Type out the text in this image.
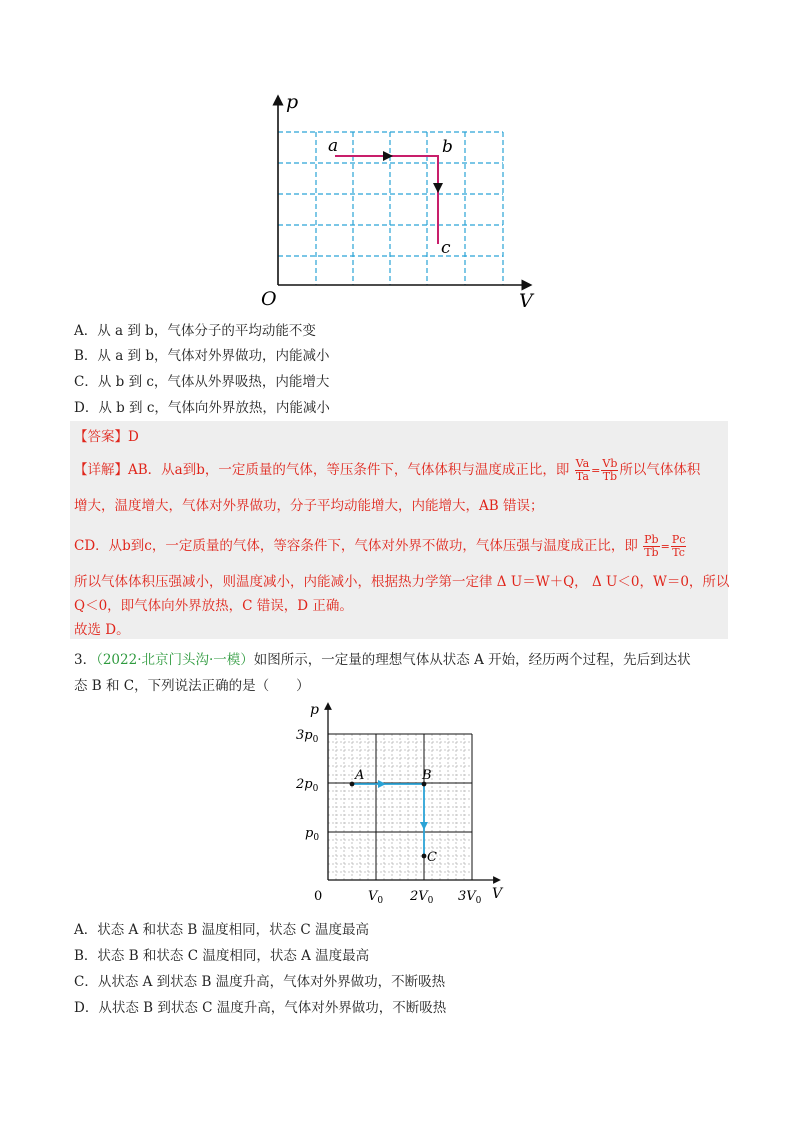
p
V
O
a	b
c
A．从 a 到 b，气体分子的平均动能不变
B．从 a 到 b，气体对外界做功，内能减小
C．从 b 到 c，气体从外界吸热，内能增大
D．从 b 到 c，气体向外界放热，内能减小
【答案】D
【详解】AB．从a到b，一定质量的气体，等压条件下，气体体积与温度成正比，即 $\frac{Va}{Ta} = \frac{Vb}{Tb}$ 所以气体体积
增大，温度增大，气体对外界做功，分子平均动能增大，内能增大，AB 错误；
CD．从b到c，一定质量的气体，等容条件下，气体对外界不做功，气体压强与温度成正比，即 $\frac{Pb}{Tb} = \frac{Pc}{Tc}$
所以气体体积压强减小，则温度减小，内能减小，根据热力学第一定律 Δ U＝W＋Q， Δ U＜0，W＝0，所以
Q＜0，即气体向外界放热，C 错误，D 正确。
故选 D。
3．（2022·北京门头沟·一模）如图所示，一定量的理想气体从状态 A 开始，经历两个过程，先后到达状
态 B 和 C，下列说法正确的是（　　）
p
V
0
$3p_0$
$2p_0$
$p_0$
$V_0$ $2V_0$ $3V_0$
A	B
C
A．状态 A 和状态 B 温度相同，状态 C 温度最高
B．状态 B 和状态 C 温度相同，状态 A 温度最高
C．从状态 A 到状态 B 温度升高，气体对外界做功，不断吸热
D．从状态 B 到状态 C 温度升高，气体对外界做功，不断吸热
